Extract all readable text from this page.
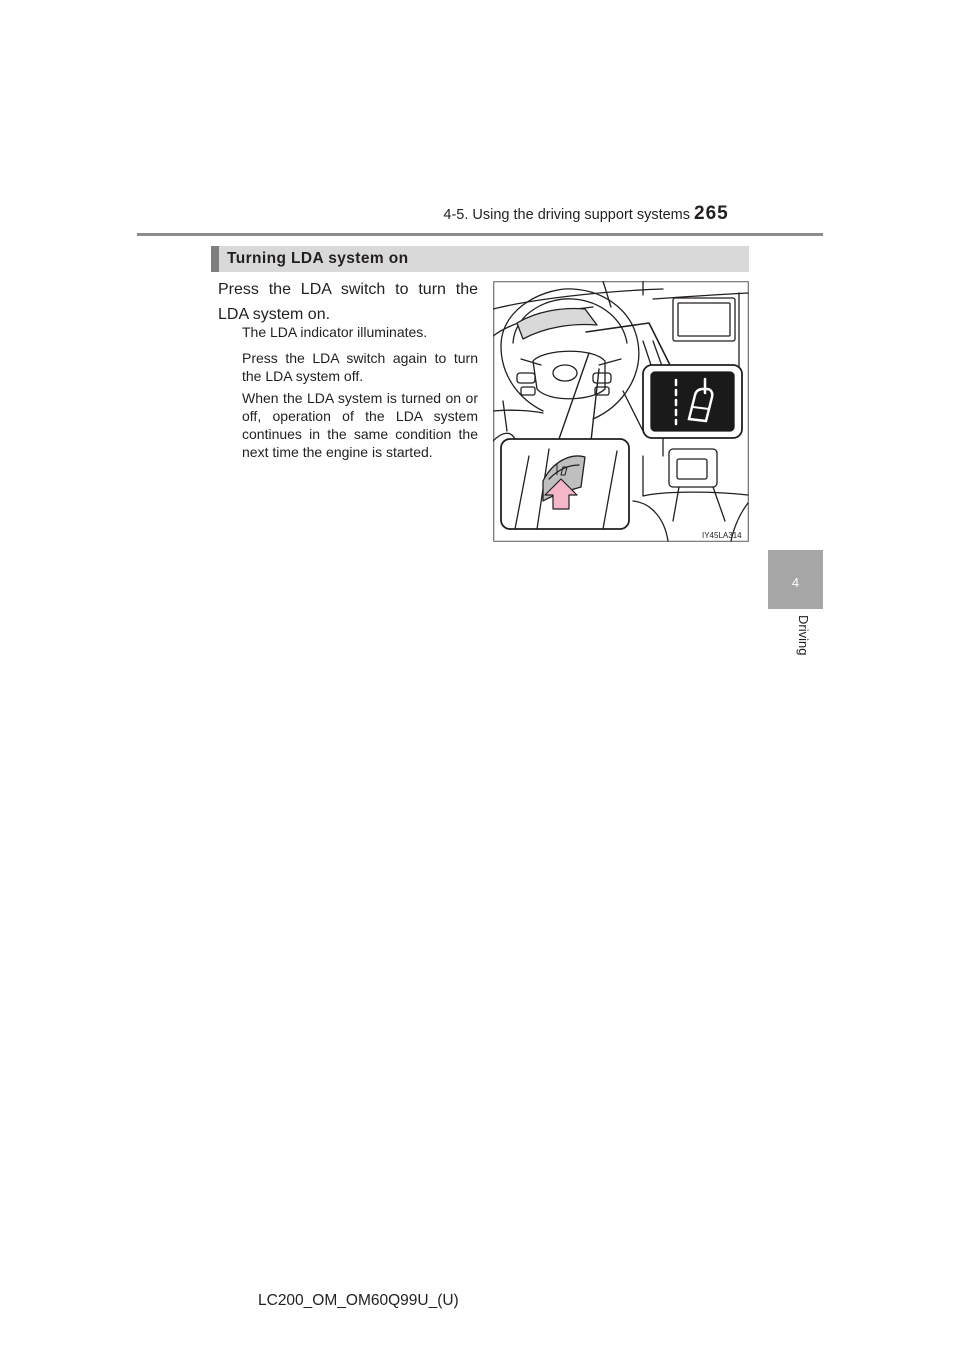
4-5. Using the driving support systems 265
4
Driving
Turning LDA system on
Press the LDA switch to turn the LDA system on.
The LDA indicator illuminates.
Press the LDA switch again to turn the LDA system off.
When the LDA system is turned on or off, operation of the LDA system continues in the same condition the next time the engine is started.
IY45LA314
LC200_OM_OM60Q99U_(U)
